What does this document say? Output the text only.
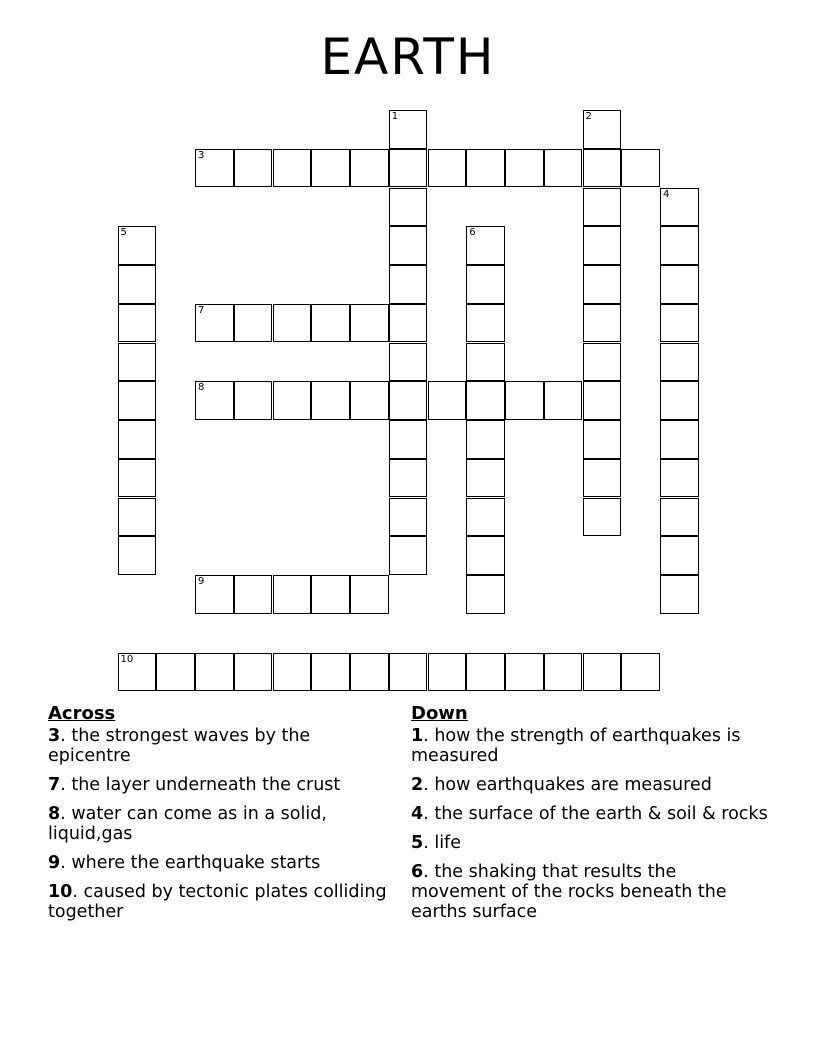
EARTH
1	2
3
4
5	6
7
8
9
10
Across
3. the strongest waves by the epicentre
7. the layer underneath the crust
8. water can come as in a solid, liquid,gas
9. where the earthquake starts
10. caused by tectonic plates colliding together
Down
1. how the strength of earthquakes is measured
2. how earthquakes are measured
4. the surface of the earth & soil & rocks
5. life
6. the shaking that results the movement of the rocks beneath the earths surface
